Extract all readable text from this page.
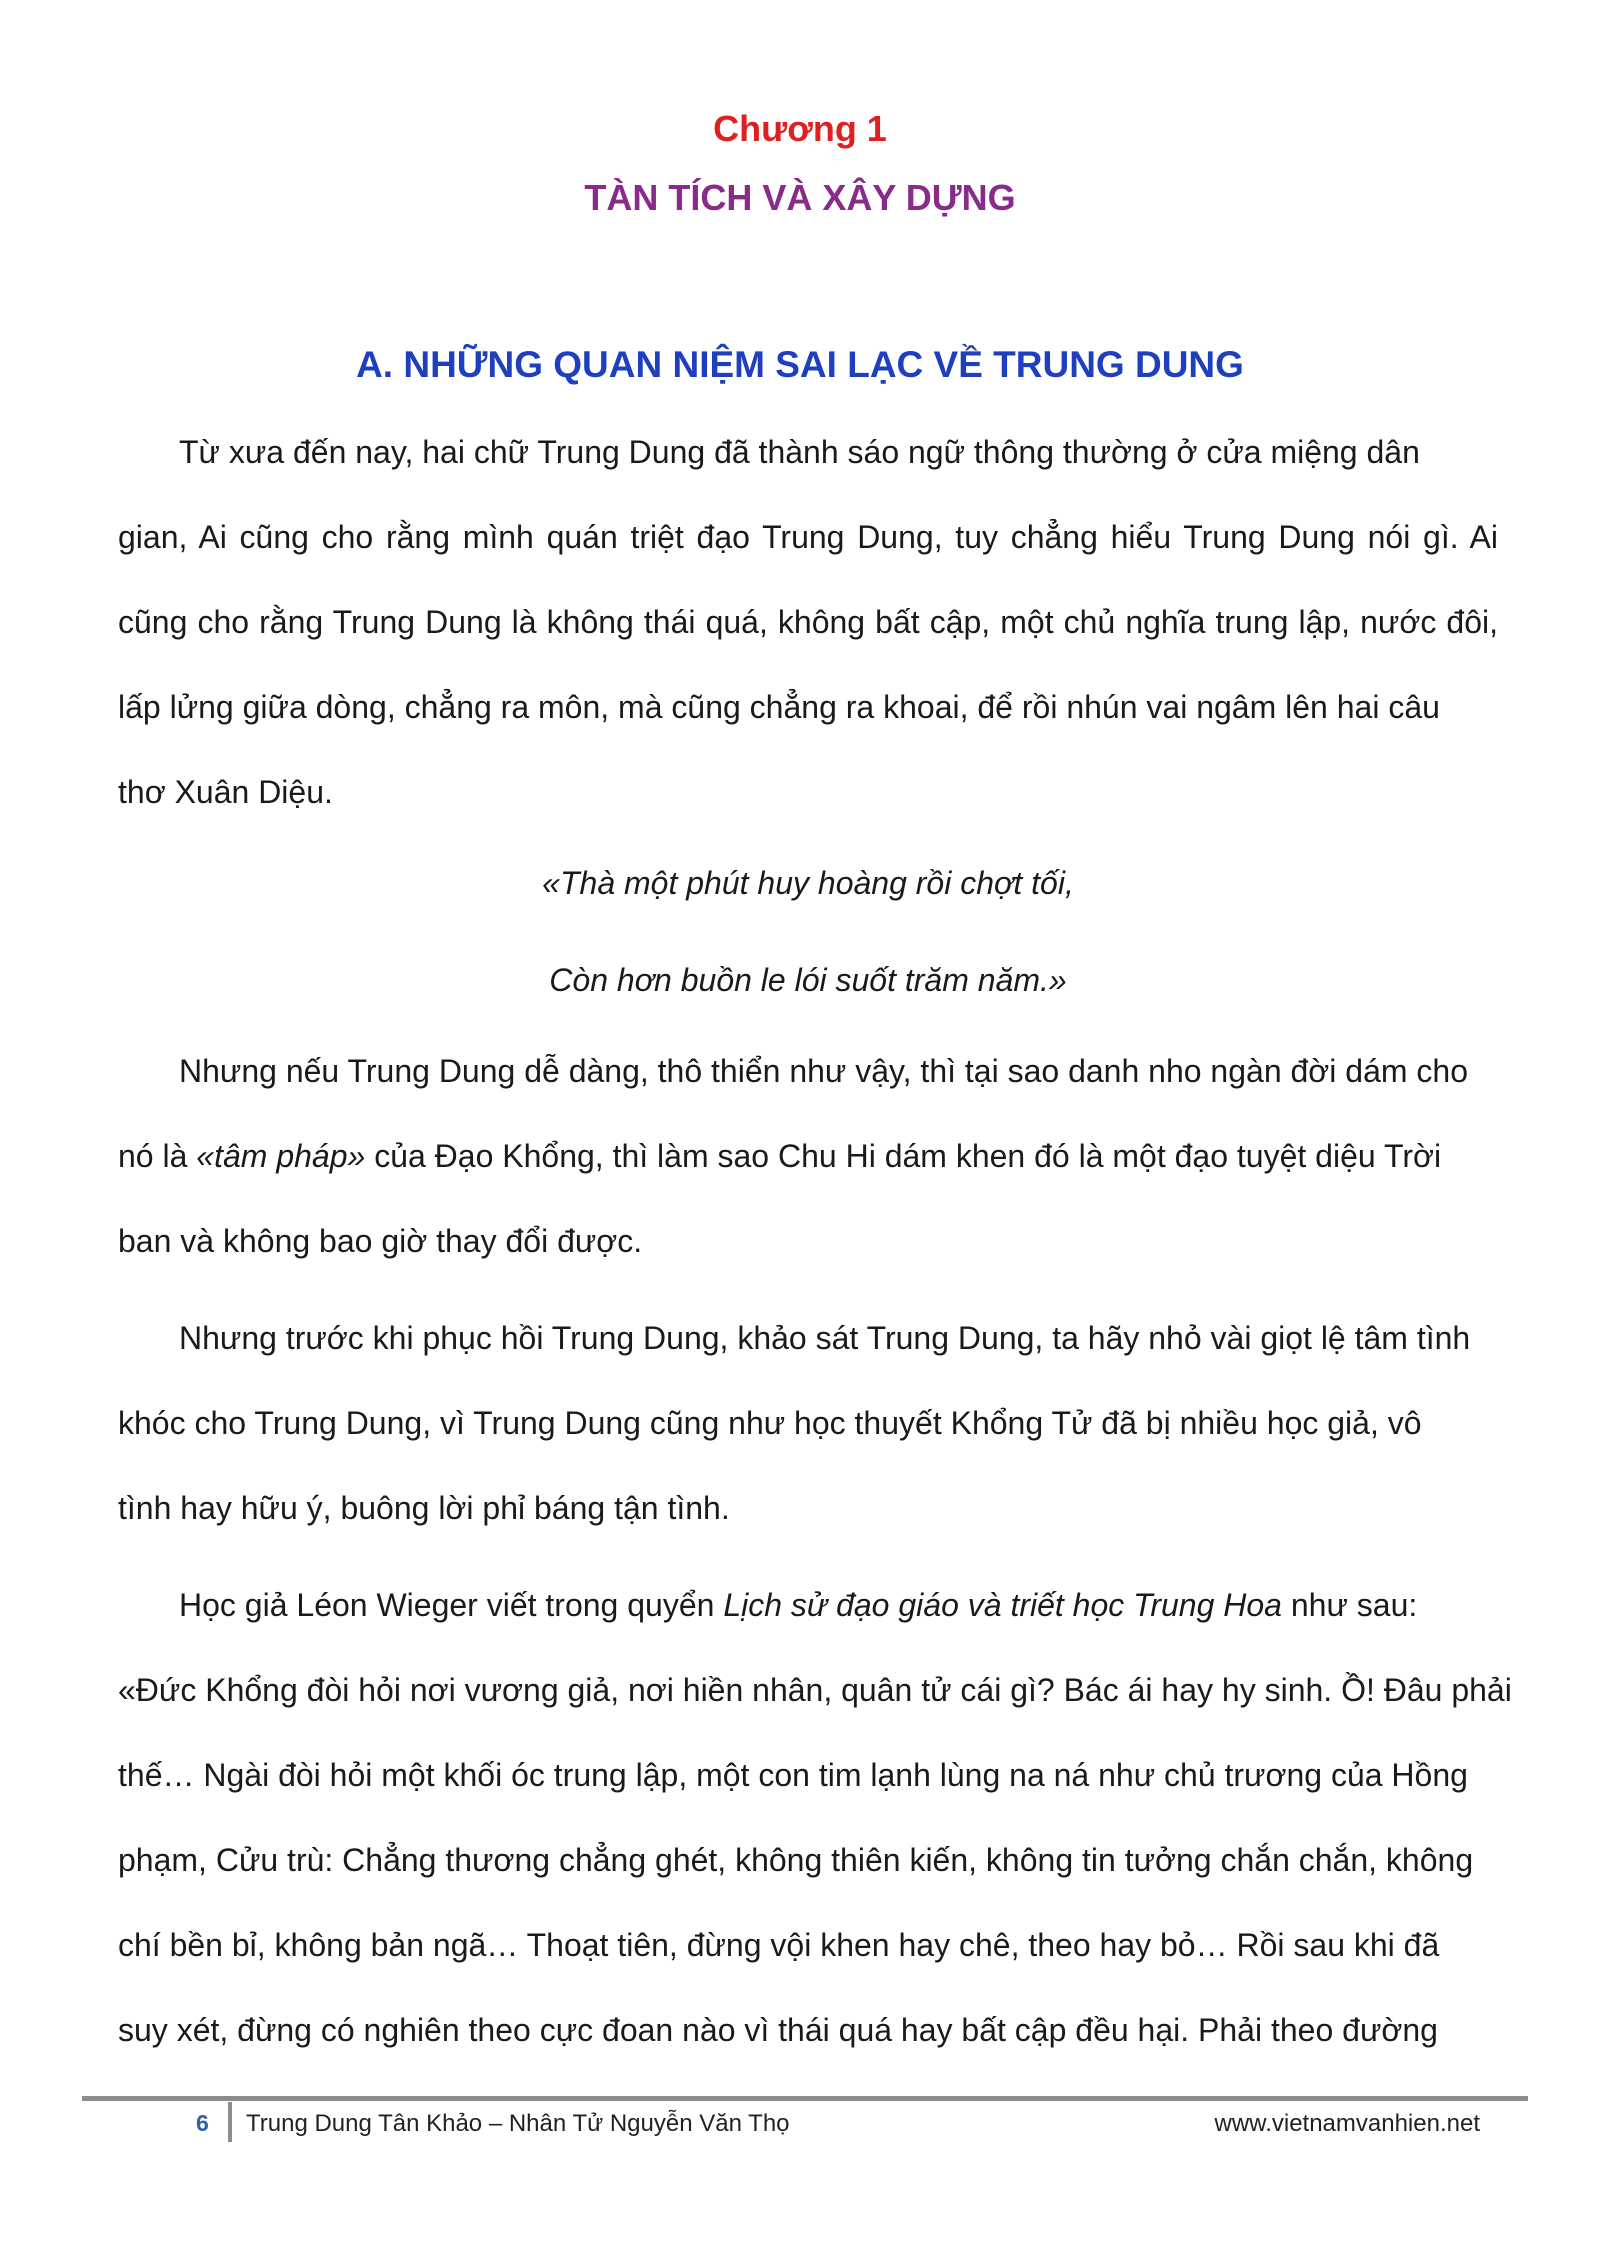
Chương 1
TÀN TÍCH VÀ XÂY DỰNG
A. NHỮNG QUAN NIỆM SAI LẠC VỀ TRUNG DUNG
Từ xưa đến nay, hai chữ Trung Dung đã thành sáo ngữ thông thường ở cửa miệng dân
gian, Ai cũng cho rằng mình quán triệt đạo Trung Dung, tuy chẳng hiểu Trung Dung nói gì. Ai
cũng cho rằng Trung Dung là không thái quá, không bất cập, một chủ nghĩa trung lập, nước đôi,
lấp lửng giữa dòng, chẳng ra môn, mà cũng chẳng ra khoai, để rồi nhún vai ngâm lên hai câu
thơ Xuân Diệu.
«Thà một phút huy hoàng rồi chợt tối,
Còn hơn buồn le lói suốt trăm năm.»
Nhưng nếu Trung Dung dễ dàng, thô thiển như vậy, thì tại sao danh nho ngàn đời dám cho
nó là «tâm pháp» của Đạo Khổng, thì làm sao Chu Hi dám khen đó là một đạo tuyệt diệu Trời
ban và không bao giờ thay đổi được.
Nhưng trước khi phục hồi Trung Dung, khảo sát Trung Dung, ta hãy nhỏ vài giọt lệ tâm tình
khóc cho Trung Dung, vì Trung Dung cũng như học thuyết Khổng Tử đã bị nhiều học giả, vô
tình hay hữu ý, buông lời phỉ báng tận tình.
Học giả Léon Wieger viết trong quyển Lịch sử đạo giáo và triết học Trung Hoa như sau:
«Đức Khổng đòi hỏi nơi vương giả, nơi hiền nhân, quân tử cái gì? Bác ái hay hy sinh. Ồ! Đâu phải
thế… Ngài đòi hỏi một khối óc trung lập, một con tim lạnh lùng na ná như chủ trương của Hồng
phạm, Cửu trù: Chẳng thương chẳng ghét, không thiên kiến, không tin tưởng chắn chắn, không
chí bền bỉ, không bản ngã… Thoạt tiên, đừng vội khen hay chê, theo hay bỏ… Rồi sau khi đã
suy xét, đừng có nghiên theo cực đoan nào vì thái quá hay bất cập đều hại. Phải theo đường
6 Trung Dung Tân Khảo – Nhân Tử Nguyễn Văn Thọ	www.vietnamvanhien.net
